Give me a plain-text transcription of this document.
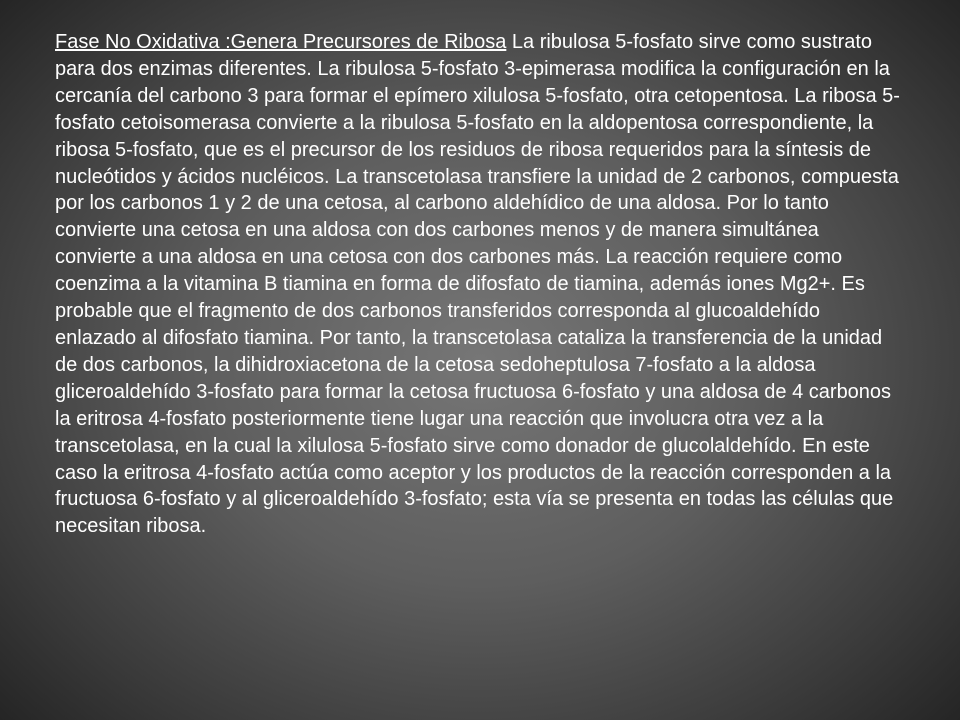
Fase No Oxidativa :Genera Precursores de Ribosa La ribulosa 5-fosfato sirve como sustrato para dos enzimas diferentes. La ribulosa 5-fosfato 3-epimerasa modifica la configuración en la cercanía del carbono 3 para formar el epímero xilulosa 5-fosfato, otra cetopentosa. La ribosa 5-fosfato cetoisomerasa convierte a la ribulosa 5-fosfato en la aldopentosa correspondiente, la ribosa 5-fosfato, que es el precursor de los residuos de ribosa requeridos para la síntesis de nucleótidos y ácidos nucléicos. La transcetolasa transfiere la unidad de 2 carbonos, compuesta por los carbonos 1 y 2 de una cetosa, al carbono aldehídico de una aldosa. Por lo tanto convierte una cetosa en una aldosa con dos carbones menos y de manera simultánea convierte a una aldosa en una cetosa con dos carbones más. La reacción requiere como coenzima a la vitamina B tiamina en forma de difosfato de tiamina, además iones Mg2+. Es probable que el fragmento de dos carbonos transferidos corresponda al glucoaldehído enlazado al difosfato tiamina. Por tanto, la transcetolasa cataliza la transferencia de la unidad de dos carbonos, la dihidroxiacetona de la cetosa sedoheptulosa 7-fosfato a la aldosa gliceroaldehído 3-fosfato para formar la cetosa fructuosa 6-fosfato y una aldosa de 4 carbonos la eritrosa 4-fosfato posteriormente tiene lugar una reacción que involucra otra vez a la transcetolasa, en la cual la xilulosa 5-fosfato sirve como donador de glucolaldehído. En este caso la eritrosa 4-fosfato actúa como aceptor y los productos de la reacción corresponden a la fructuosa 6-fosfato y al gliceroaldehído 3-fosfato; esta vía se presenta en todas las células que necesitan ribosa.
